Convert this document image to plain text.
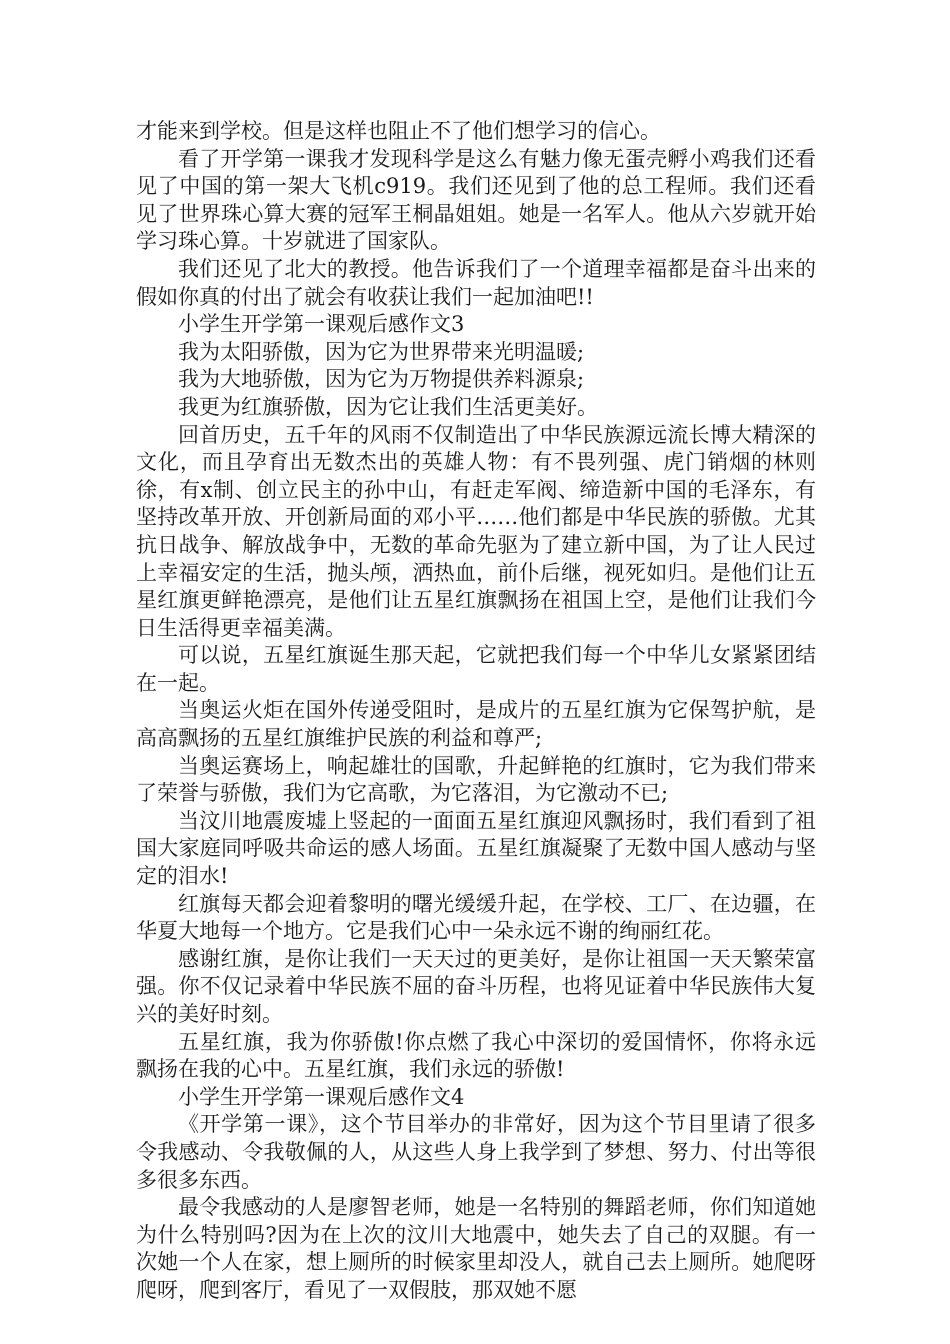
才能来到学校。但是这样也阻止不了他们想学习的信心。

看了开学第一课我才发现科学是这么有魅力像无蛋壳孵小鸡我们还看见了中国的第一架大飞机c919。我们还见到了他的总工程师。我们还看见了世界珠心算大赛的冠军王桐晶姐姐。她是一名军人。他从六岁就开始学习珠心算。十岁就进了国家队。

我们还见了北大的教授。他告诉我们了一个道理幸福都是奋斗出来的假如你真的付出了就会有收获让我们一起加油吧!!

小学生开学第一课观后感作文3

我为太阳骄傲，因为它为世界带来光明温暖;

我为大地骄傲，因为它为万物提供养料源泉;

我更为红旗骄傲，因为它让我们生活更美好。

回首历史，五千年的风雨不仅制造出了中华民族源远流长博大精深的文化，而且孕育出无数杰出的英雄人物：有不畏列强、虎门销烟的林则徐，有x制、创立民主的孙中山，有赶走军阀、缔造新中国的毛泽东，有坚持改革开放、开创新局面的邓小平……他们都是中华民族的骄傲。尤其抗日战争、解放战争中，无数的革命先驱为了建立新中国，为了让人民过上幸福安定的生活，抛头颅，洒热血，前仆后继，视死如归。是他们让五星红旗更鲜艳漂亮，是他们让五星红旗飘扬在祖国上空，是他们让我们今日生活得更幸福美满。

可以说，五星红旗诞生那天起，它就把我们每一个中华儿女紧紧团结在一起。

当奥运火炬在国外传递受阻时，是成片的五星红旗为它保驾护航，是高高飘扬的五星红旗维护民族的利益和尊严;

当奥运赛场上，响起雄壮的国歌，升起鲜艳的红旗时，它为我们带来了荣誉与骄傲，我们为它高歌，为它落泪，为它激动不已;

当汶川地震废墟上竖起的一面面五星红旗迎风飘扬时，我们看到了祖国大家庭同呼吸共命运的感人场面。五星红旗凝聚了无数中国人感动与坚定的泪水!

红旗每天都会迎着黎明的曙光缓缓升起，在学校、工厂、在边疆，在华夏大地每一个地方。它是我们心中一朵永远不谢的绚丽红花。

感谢红旗，是你让我们一天天过的更美好，是你让祖国一天天繁荣富强。你不仅记录着中华民族不屈的奋斗历程，也将见证着中华民族伟大复兴的美好时刻。

五星红旗，我为你骄傲!你点燃了我心中深切的爱国情怀，你将永远飘扬在我的心中。五星红旗，我们永远的骄傲!

小学生开学第一课观后感作文4

《开学第一课》，这个节目举办的非常好，因为这个节目里请了很多令我感动、令我敬佩的人，从这些人身上我学到了梦想、努力、付出等很多很多东西。

最令我感动的人是廖智老师，她是一名特别的舞蹈老师，你们知道她为什么特别吗?因为在上次的汶川大地震中，她失去了自己的双腿。有一次她一个人在家，想上厕所的时候家里却没人，就自己去上厕所。她爬呀爬呀，爬到客厅，看见了一双假肢，那双她不愿
